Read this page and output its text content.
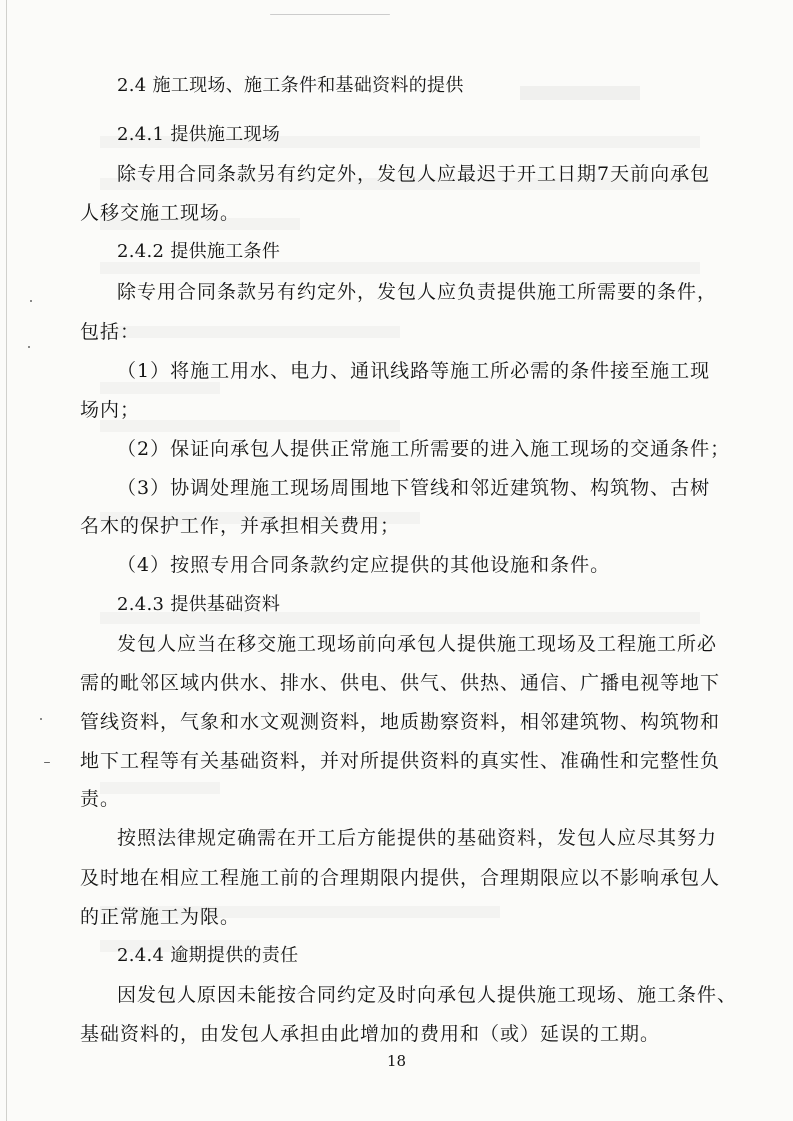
2.4 施工现场、施工条件和基础资料的提供
2.4.1 提供施工现场
除专用合同条款另有约定外，发包人应最迟于开工日期7天前向承包
人移交施工现场。
2.4.2 提供施工条件
除专用合同条款另有约定外，发包人应负责提供施工所需要的条件，
包括：
（1）将施工用水、电力、通讯线路等施工所必需的条件接至施工现
场内；
（2）保证向承包人提供正常施工所需要的进入施工现场的交通条件；
（3）协调处理施工现场周围地下管线和邻近建筑物、构筑物、古树
名木的保护工作，并承担相关费用；
（4）按照专用合同条款约定应提供的其他设施和条件。
2.4.3 提供基础资料
发包人应当在移交施工现场前向承包人提供施工现场及工程施工所必
需的毗邻区域内供水、排水、供电、供气、供热、通信、广播电视等地下
管线资料，气象和水文观测资料，地质勘察资料，相邻建筑物、构筑物和
地下工程等有关基础资料，并对所提供资料的真实性、准确性和完整性负
责。
按照法律规定确需在开工后方能提供的基础资料，发包人应尽其努力
及时地在相应工程施工前的合理期限内提供，合理期限应以不影响承包人
的正常施工为限。
2.4.4 逾期提供的责任
因发包人原因未能按合同约定及时向承包人提供施工现场、施工条件、
基础资料的，由发包人承担由此增加的费用和（或）延误的工期。
18
